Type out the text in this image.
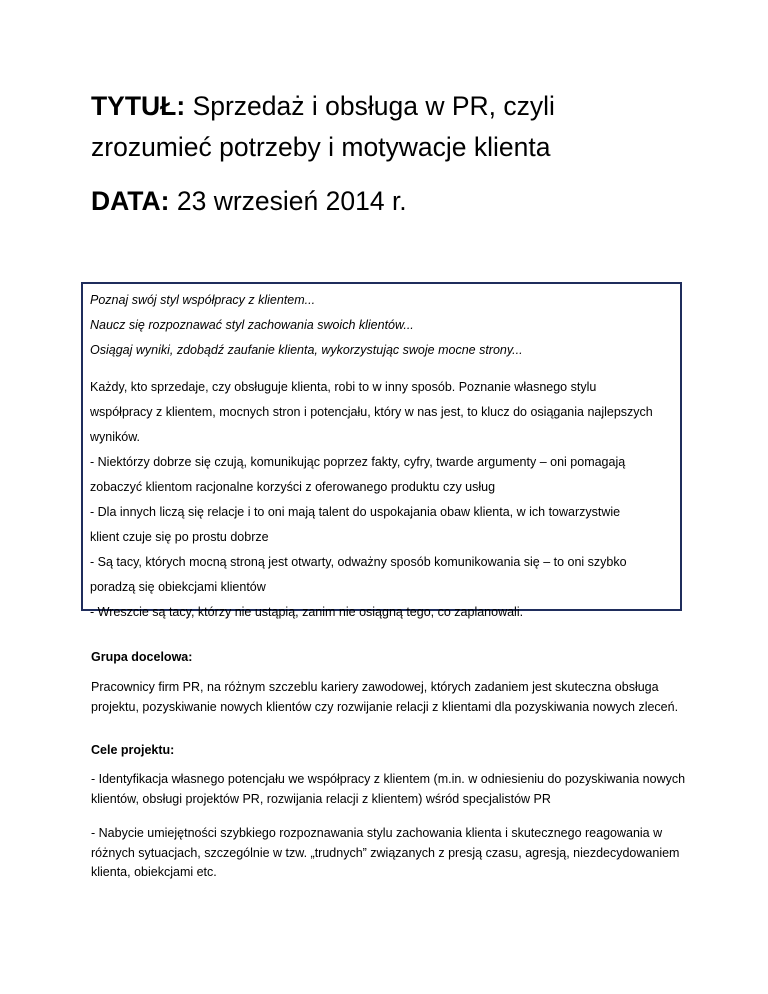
TYTUŁ: Sprzedaż i obsługa w PR, czyli

zrozumieć potrzeby i motywacje klienta

DATA: 23 wrzesień 2014 r.

Poznaj swój styl współpracy z klientem...

Naucz się rozpoznawać styl zachowania swoich klientów...

Osiągaj wyniki, zdobądź zaufanie klienta, wykorzystując swoje mocne strony...

Każdy, kto sprzedaje, czy obsługuje klienta, robi to w inny sposób. Poznanie własnego stylu

współpracy z klientem, mocnych stron i potencjału, który w nas jest, to klucz do osiągania najlepszych

wyników.

- Niektórzy dobrze się czują, komunikując poprzez fakty, cyfry, twarde argumenty – oni pomagają

zobaczyć klientom racjonalne korzyści z oferowanego produktu czy usług

- Dla innych liczą się relacje i to oni mają talent do uspokajania obaw klienta, w ich towarzystwie

klient czuje się po prostu dobrze

- Są tacy, których mocną stroną jest otwarty, odważny sposób komunikowania się – to oni szybko

poradzą się obiekcjami klientów

- Wreszcie są tacy, którzy nie ustąpią, zanim nie osiągną tego, co zaplanowali.

Grupa docelowa:

Pracownicy firm PR, na różnym szczeblu kariery zawodowej, których zadaniem jest skuteczna obsługa projektu, pozyskiwanie nowych klientów czy rozwijanie relacji z klientami dla pozyskiwania nowych zleceń.

Cele projektu:

- Identyfikacja własnego potencjału we współpracy z klientem (m.in. w odniesieniu do pozyskiwania nowych klientów, obsługi projektów PR, rozwijania relacji z klientem) wśród specjalistów PR

- Nabycie umiejętności szybkiego rozpoznawania stylu zachowania klienta i skutecznego reagowania w różnych sytuacjach, szczególnie w tzw. „trudnych” związanych z presją czasu, agresją, niezdecydowaniem klienta, obiekcjami etc.
